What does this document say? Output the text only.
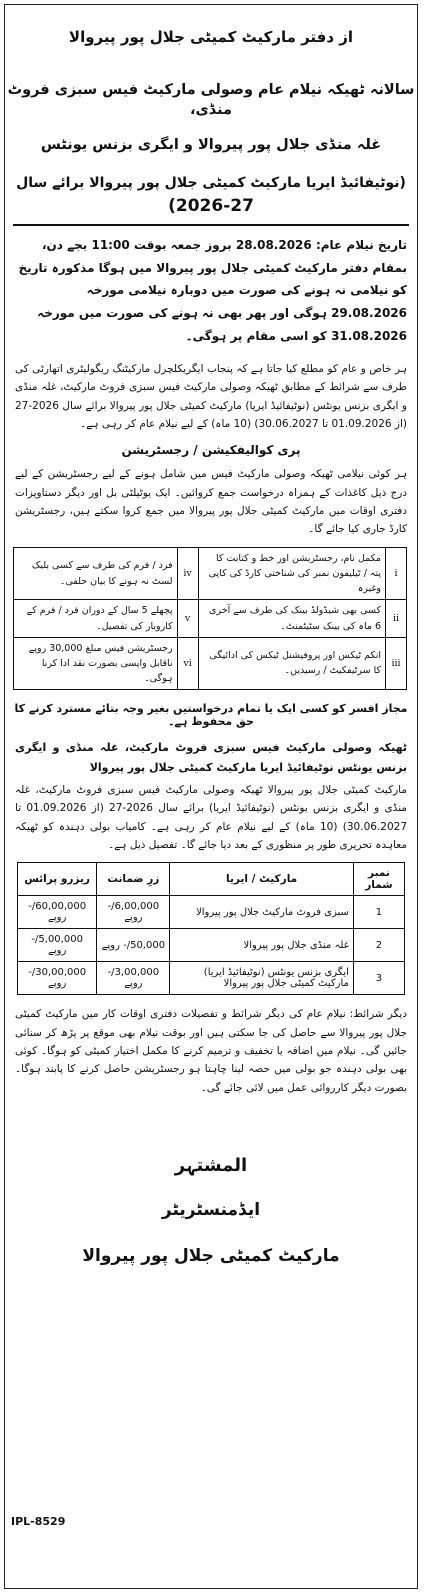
از دفتر مارکیٹ کمیٹی جلال پور پیروالا
سالانہ ٹھیکہ نیلام عام وصولی مارکیٹ فیس سبزی فروٹ منڈی،
غلہ منڈی جلال پور پیروالا و ایگری بزنس یونٹس
(نوٹیفائیڈ ایریا مارکیٹ کمیٹی جلال پور پیروالا برائے سال
2026-27)
تاریخ نیلام عام: 28.08.2026 بروز جمعہ بوقت 11:00 بجے دن، بمقام دفتر مارکیٹ کمیٹی جلال پور پیروالا میں ہوگا مذکورہ تاریخ کو نیلامی نہ ہونے کی صورت میں دوبارہ نیلامی مورخہ 29.08.2026 ہوگی اور پھر بھی نہ ہونے کی صورت میں مورخہ 31.08.2026 کو اسی مقام پر ہوگی۔
ہر خاص و عام کو مطلع کیا جاتا ہے کہ پنجاب ایگریکلچرل مارکیٹنگ ریگولیٹری اتھارٹی کی طرف سے شرائط کے مطابق ٹھیکہ وصولی مارکیٹ فیس سبزی فروٹ مارکیٹ، غلہ منڈی و ایگری بزنس یونٹس (نوٹیفائیڈ ایریا) مارکیٹ کمیٹی جلال پور پیروالا برائے سال 2026-27 (از 01.09.2026 تا 30.06.2027) (10 ماہ) کے لیے نیلام عام کر رہی ہے۔
پری کوالیفکیشن / رجسٹریشن
ہر کوئی نیلامی ٹھیکہ وصولی مارکیٹ فیس میں شامل ہونے کے لیے رجسٹریشن کے لیے درج ذیل کاغذات کے ہمراہ درخواست جمع کروائیں۔ ایک یوٹیلٹی بل اور دیگر دستاویزات دفتری اوقات میں مارکیٹ کمیٹی جلال پور پیروالا میں جمع کروا سکتے ہیں، رجسٹریشن کارڈ جاری کیا جائے گا۔
i	مکمل نام، رجسٹریشن اور خط و کتابت کا پتہ / ٹیلیفون نمبر کی شناختی کارڈ کی کاپی وغیرہ	iv	فرد / فرم کی طرف سے کسی بلیک لسٹ نہ ہونے کا بیان حلفی۔
ii	کسی بھی شیڈولڈ بینک کی طرف سے آخری 6 ماہ کی بینک سٹیٹمنٹ۔	v	پچھلے 5 سال کے دوران فرد / فرم کے کاروبار کی تفصیل۔
iii	انکم ٹیکس اور پروفیشنل ٹیکس کی ادائیگی کا سرٹیفکیٹ / رسیدیں۔	vi	رجسٹریشن فیس مبلغ 30,000 روپے ناقابل واپسی بصورت نقد ادا کرنا ہوگی۔
مجاز افسر کو کسی ایک یا تمام درخواستیں بغیر وجہ بتائے مسترد کرنے کا حق محفوظ ہے۔
ٹھیکہ وصولی مارکیٹ فیس سبزی فروٹ مارکیٹ، غلہ منڈی و ایگری بزنس یونٹس نوٹیفائیڈ ایریا مارکیٹ کمیٹی جلال پور پیروالا
مارکیٹ کمیٹی جلال پور پیروالا ٹھیکہ وصولی مارکیٹ فیس سبزی فروٹ مارکیٹ، غلہ منڈی و ایگری بزنس یونٹس (نوٹیفائیڈ ایریا) برائے سال 2026-27 (از 01.09.2026 تا 30.06.2027) (10 ماہ) کے لیے نیلام عام کر رہی ہے۔ کامیاب بولی دہندہ کو ٹھیکہ معاہدہ تحریری طور پر منظوری کے بعد دیا جائے گا۔ تفصیل ذیل ہے۔
نمبر شمار	مارکیٹ / ایریا	زرِ ضمانت	ریزرو پرائس
1	سبزی فروٹ مارکیٹ جلال پور پیروالا	6,00,000/- روپے	60,00,000/- روپے
2	غلہ منڈی جلال پور پیروالا	50,000/- روپے	5,00,000/- روپے
3	ایگری بزنس یونٹس (نوٹیفائیڈ ایریا) مارکیٹ کمیٹی جلال پور پیروالا	3,00,000/- روپے	30,00,000/- روپے
دیگر شرائط: نیلام عام کی دیگر شرائط و تفصیلات دفتری اوقات کار میں مارکیٹ کمیٹی جلال پور پیروالا سے حاصل کی جا سکتی ہیں اور بوقت نیلام بھی موقع پر پڑھ کر سنائی جائیں گی۔ نیلام میں اضافہ یا تخفیف و ترمیم کرنے کا مکمل اختیار کمیٹی کو ہوگا۔ کوئی بھی بولی دہندہ جو بولی میں حصہ لینا چاہتا ہو رجسٹریشن حاصل کرنے کا پابند ہوگا۔ بصورت دیگر کارروائی عمل میں لائی جائے گی۔
IPL-8529
المشتہر
ایڈمنسٹریٹر
مارکیٹ کمیٹی جلال پور پیروالا
